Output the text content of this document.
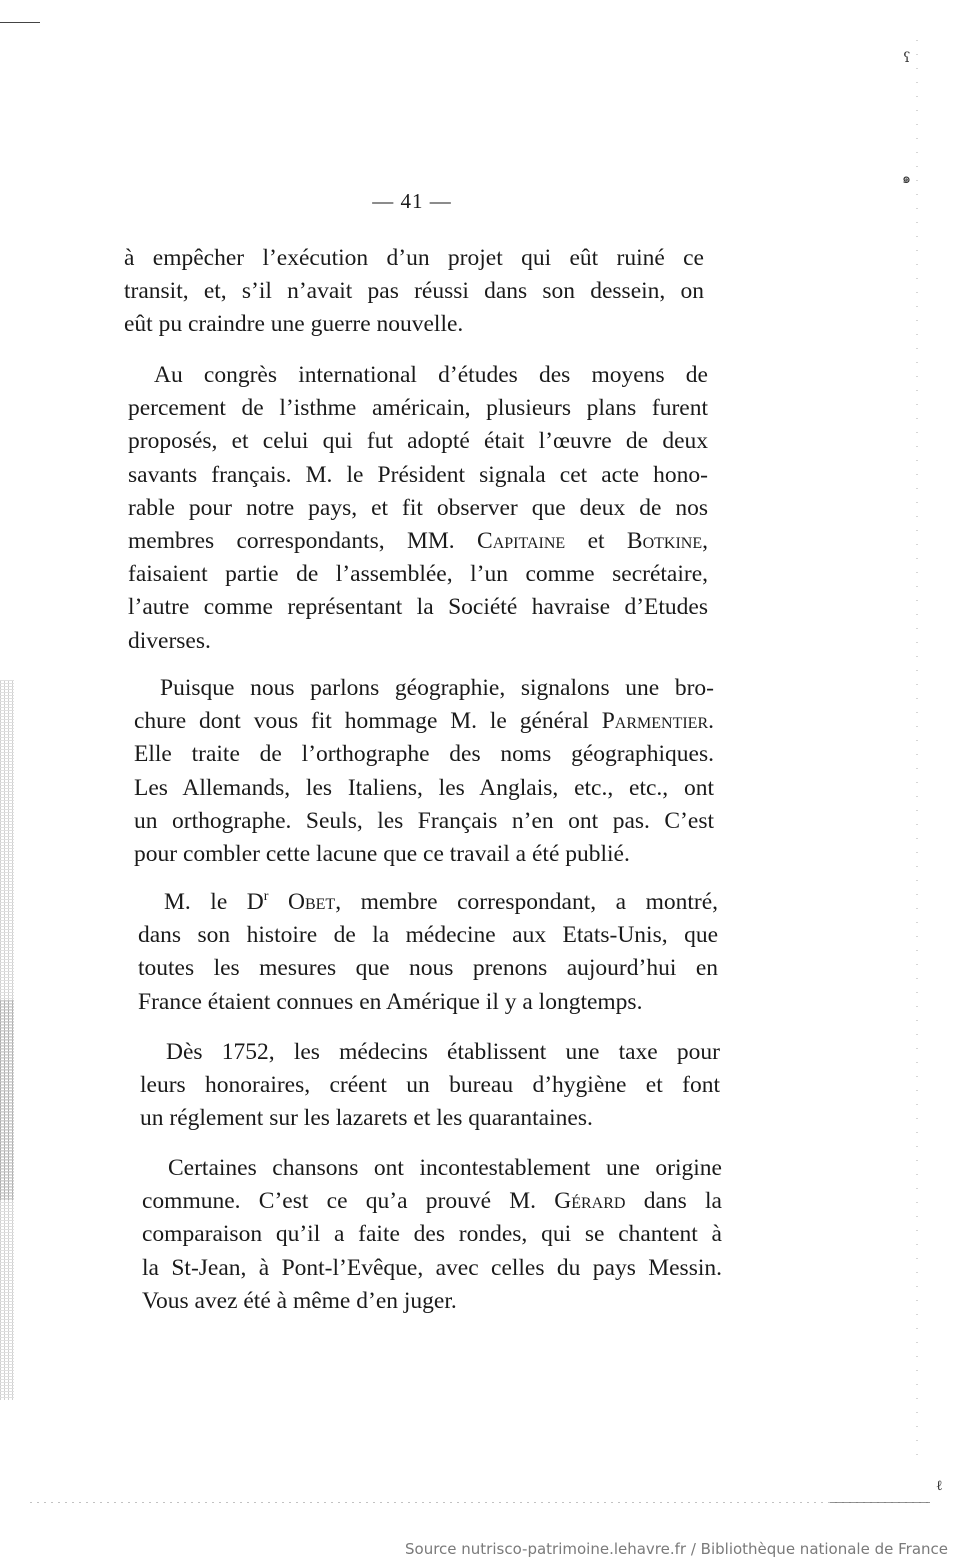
ʕ
๑
ℓ
— 41 —
à empêcher l’exécution d’un projet qui eût ruiné ce
transit, et, s’il n’avait pas réussi dans son dessein, on
eût pu craindre une guerre nouvelle.
Au congrès international d’études des moyens de
percement de l’isthme américain, plusieurs plans furent
proposés, et celui qui fut adopté était l’œuvre de deux
savants français. M. le Président signala cet acte hono-
rable pour notre pays, et fit observer que deux de nos
membres correspondants, MM. Capitaine et Botkine,
faisaient partie de l’assemblée, l’un comme secrétaire,
l’autre comme représentant la Société havraise d’Etudes
diverses.
Puisque nous parlons géographie, signalons une bro-
chure dont vous fit hommage M. le général Parmentier.
Elle traite de l’orthographe des noms géographiques.
Les Allemands, les Italiens, les Anglais, etc., etc., ont
un orthographe. Seuls, les Français n’en ont pas. C’est
pour combler cette lacune que ce travail a été publié.
M. le $D^r$ Obet, membre correspondant, a montré,
dans son histoire de la médecine aux Etats-Unis, que
toutes les mesures que nous prenons aujourd’hui en
France étaient connues en Amérique il y a longtemps.
Dès 1752, les médecins établissent une taxe pour
leurs honoraires, créent un bureau d’hygiène et font
un réglement sur les lazarets et les quarantaines.
Certaines chansons ont incontestablement une origine
commune. C’est ce qu’a prouvé M. Gérard dans la
comparaison qu’il a faite des rondes, qui se chantent à
la St-Jean, à Pont-l’Evêque, avec celles du pays Messin.
Vous avez été à même d’en juger.
Source nutrisco-patrimoine.lehavre.fr / Bibliothèque nationale de France
